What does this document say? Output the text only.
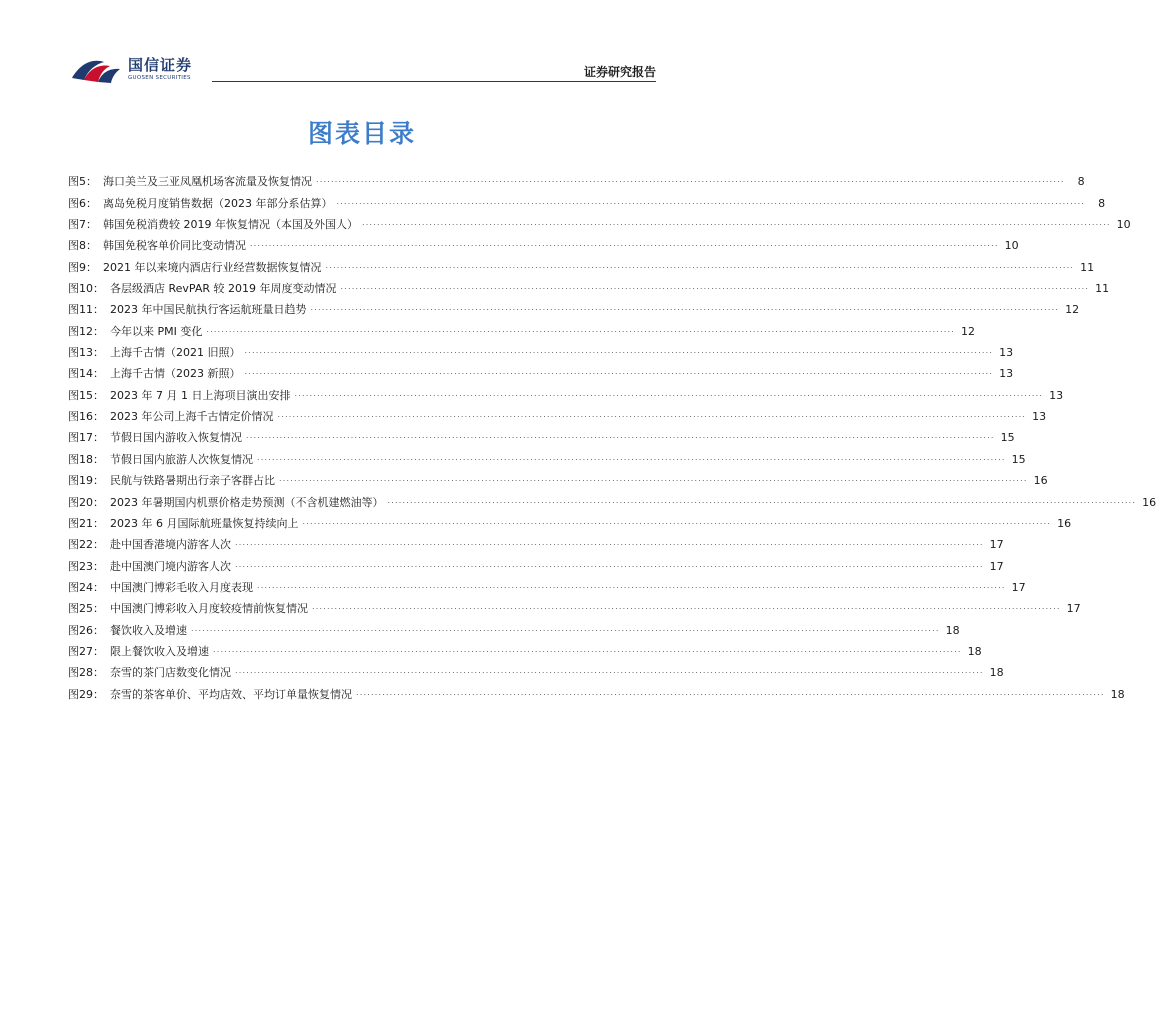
国信证券
GUOSEN SECURITIES	证券研究报告
图表目录
图5： 海口美兰及三亚凤凰机场客流量及恢复情况 ........................................................................................................................................................................................................	8
图6： 离岛免税月度销售数据（2023 年部分系估算） ........................................................................................................................................................................................................	8
图7： 韩国免税消费较 2019 年恢复情况（本国及外国人） ........................................................................................................................................................................................................ 10
图8： 韩国免税客单价同比变动情况 ........................................................................................................................................................................................................ 10
图9： 2021 年以来境内酒店行业经营数据恢复情况 ........................................................................................................................................................................................................ 11
图10： 各层级酒店 RevPAR 较 2019 年周度变动情况 ........................................................................................................................................................................................................ 11
图11： 2023 年中国民航执行客运航班量日趋势 ........................................................................................................................................................................................................ 12
图12： 今年以来 PMI 变化 ........................................................................................................................................................................................................ 12
图13： 上海千古情（2021 旧照） ........................................................................................................................................................................................................ 13
图14： 上海千古情（2023 新照） ........................................................................................................................................................................................................ 13
图15： 2023 年 7 月 1 日上海项目演出安排 ........................................................................................................................................................................................................ 13
图16： 2023 年公司上海千古情定价情况 ........................................................................................................................................................................................................ 13
图17： 节假日国内游收入恢复情况 ........................................................................................................................................................................................................ 15
图18： 节假日国内旅游人次恢复情况 ........................................................................................................................................................................................................ 15
图19： 民航与铁路暑期出行亲子客群占比 ........................................................................................................................................................................................................ 16
图20： 2023 年暑期国内机票价格走势预测（不含机建燃油等） ........................................................................................................................................................................................................ 16
图21： 2023 年 6 月国际航班量恢复持续向上 ........................................................................................................................................................................................................ 16
图22： 赴中国香港境内游客人次 ........................................................................................................................................................................................................ 17
图23： 赴中国澳门境内游客人次 ........................................................................................................................................................................................................ 17
图24： 中国澳门博彩毛收入月度表现 ........................................................................................................................................................................................................ 17
图25： 中国澳门博彩收入月度较疫情前恢复情况 ........................................................................................................................................................................................................ 17
图26： 餐饮收入及增速 ........................................................................................................................................................................................................ 18
图27： 限上餐饮收入及增速 ........................................................................................................................................................................................................ 18
图28： 奈雪的茶门店数变化情况 ........................................................................................................................................................................................................ 18
图29： 奈雪的茶客单价、平均店效、平均订单量恢复情况 ........................................................................................................................................................................................................ 18
